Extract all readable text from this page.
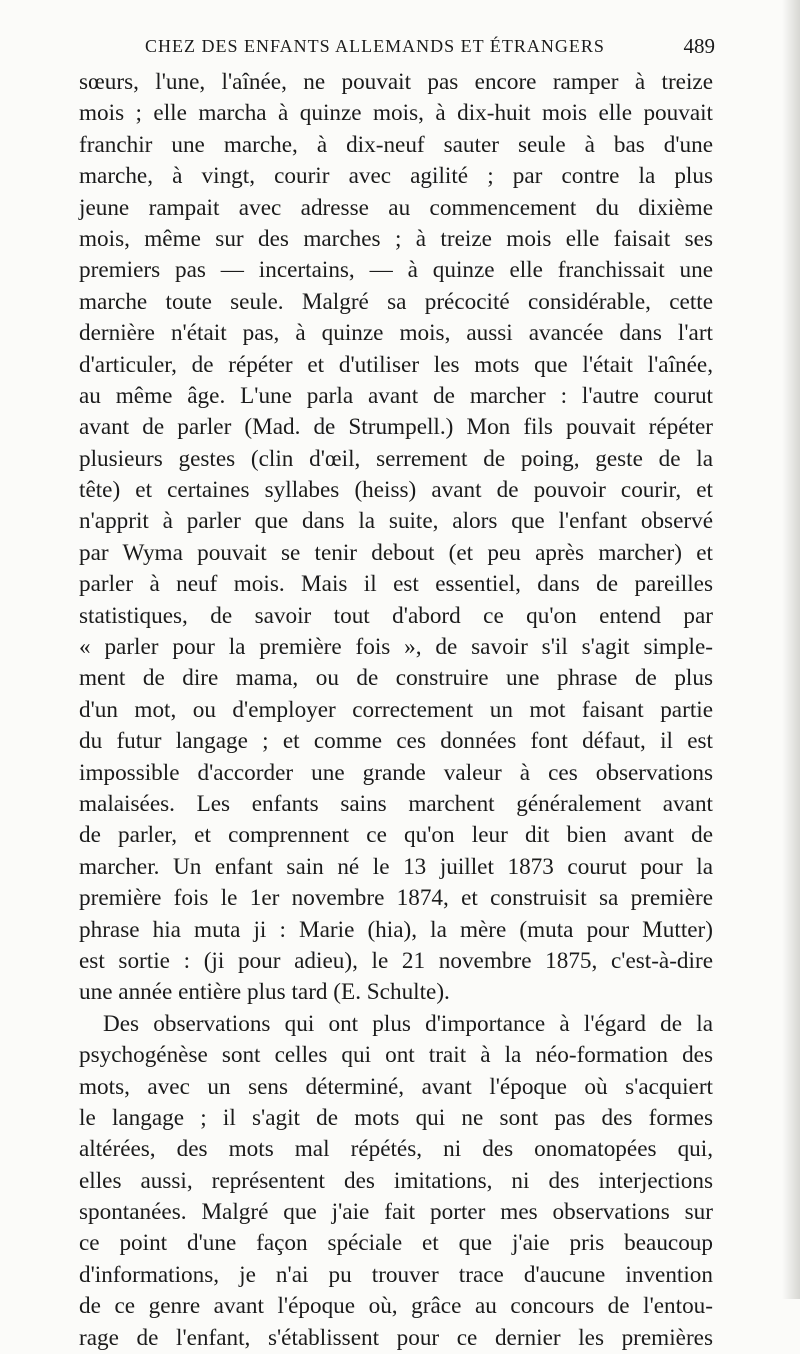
CHEZ DES ENFANTS ALLEMANDS ET ÉTRANGERS	489
sœurs, l'une, l'aînée, ne pouvait pas encore ramper à treize
mois ; elle marcha à quinze mois, à dix-huit mois elle pouvait
franchir une marche, à dix-neuf sauter seule à bas d'une
marche, à vingt, courir avec agilité ; par contre la plus
jeune rampait avec adresse au commencement du dixième
mois, même sur des marches ; à treize mois elle faisait ses
premiers pas — incertains, — à quinze elle franchissait une
marche toute seule. Malgré sa précocité considérable, cette
dernière n'était pas, à quinze mois, aussi avancée dans l'art
d'articuler, de répéter et d'utiliser les mots que l'était l'aînée,
au même âge. L'une parla avant de marcher : l'autre courut
avant de parler (Mad. de Strumpell.) Mon fils pouvait répéter
plusieurs gestes (clin d'œil, serrement de poing, geste de la
tête) et certaines syllabes (heiss) avant de pouvoir courir, et
n'apprit à parler que dans la suite, alors que l'enfant observé
par Wyma pouvait se tenir debout (et peu après marcher) et
parler à neuf mois. Mais il est essentiel, dans de pareilles
statistiques, de savoir tout d'abord ce qu'on entend par
« parler pour la première fois », de savoir s'il s'agit simple-
ment de dire mama, ou de construire une phrase de plus
d'un mot, ou d'employer correctement un mot faisant partie
du futur langage ; et comme ces données font défaut, il est
impossible d'accorder une grande valeur à ces observations
malaisées. Les enfants sains marchent généralement avant
de parler, et comprennent ce qu'on leur dit bien avant de
marcher. Un enfant sain né le 13 juillet 1873 courut pour la
première fois le 1er novembre 1874, et construisit sa première
phrase hia muta ji : Marie (hia), la mère (muta pour Mutter)
est sortie : (ji pour adieu), le 21 novembre 1875, c'est-à-dire
une année entière plus tard (E. Schulte).
Des observations qui ont plus d'importance à l'égard de la
psychogénèse sont celles qui ont trait à la néo-formation des
mots, avec un sens déterminé, avant l'époque où s'acquiert
le langage ; il s'agit de mots qui ne sont pas des formes
altérées, des mots mal répétés, ni des onomatopées qui,
elles aussi, représentent des imitations, ni des interjections
spontanées. Malgré que j'aie fait porter mes observations sur
ce point d'une façon spéciale et que j'aie pris beaucoup
d'informations, je n'ai pu trouver trace d'aucune invention
de ce genre avant l'époque où, grâce au concours de l'entou-
rage de l'enfant, s'établissent pour ce dernier les premières
